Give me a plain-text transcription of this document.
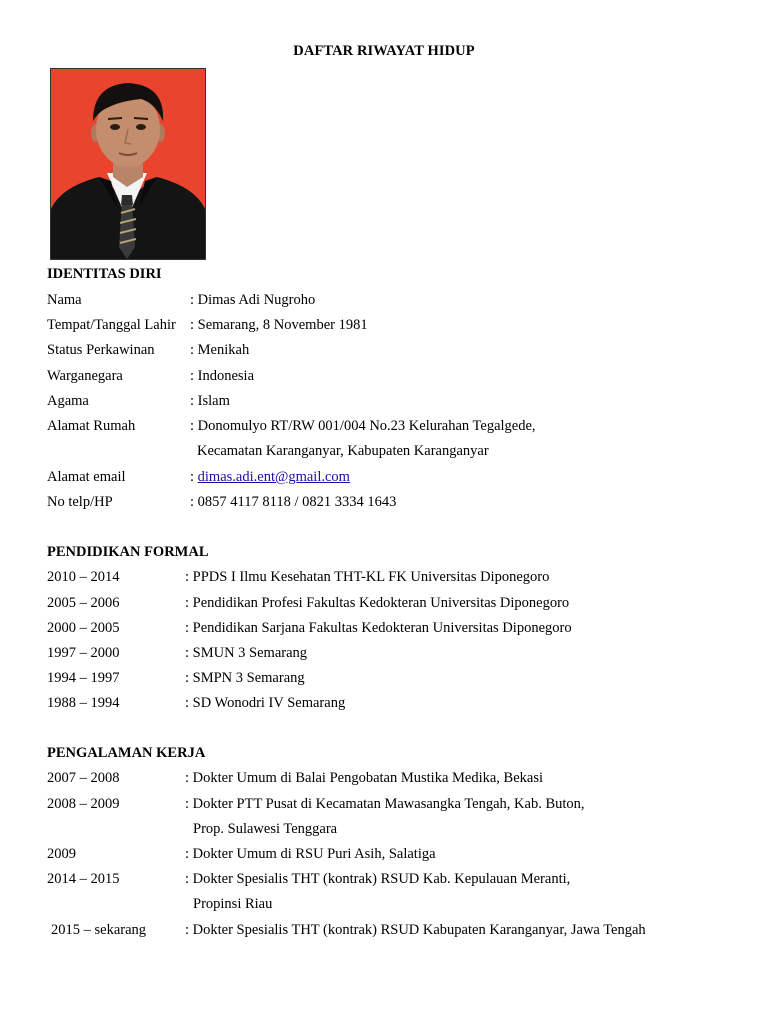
DAFTAR RIWAYAT HIDUP
IDENTITAS DIRI
Nama	: Dimas Adi Nugroho
Tempat/Tanggal Lahir : Semarang, 8 November 1981
Status Perkawinan : Menikah
Warganegara	: Indonesia
Agama	: Islam
Alamat Rumah	: Donomulyo RT/RW 001/004 No.23 Kelurahan Tegalgede,
Kecamatan Karanganyar, Kabupaten Karanganyar
Alamat email	: dimas.adi.ent@gmail.com
No telp/HP	: 0857 4117 8118 / 0821 3334 1643
PENDIDIKAN FORMAL
2010 – 2014	: PPDS I Ilmu Kesehatan THT-KL FK Universitas Diponegoro
2005 – 2006	: Pendidikan Profesi Fakultas Kedokteran Universitas Diponegoro
2000 – 2005	: Pendidikan Sarjana Fakultas Kedokteran Universitas Diponegoro
1997 – 2000	: SMUN 3 Semarang
1994 – 1997	: SMPN 3 Semarang
1988 – 1994	: SD Wonodri IV Semarang
PENGALAMAN KERJA
2007 – 2008	: Dokter Umum di Balai Pengobatan Mustika Medika, Bekasi
2008 – 2009	: Dokter PTT Pusat di Kecamatan Mawasangka Tengah, Kab. Buton,
Prop. Sulawesi Tenggara
2009	: Dokter Umum di RSU Puri Asih, Salatiga
2014 – 2015	: Dokter Spesialis THT (kontrak) RSUD Kab. Kepulauan Meranti,
Propinsi Riau
2015 – sekarang	: Dokter Spesialis THT (kontrak) RSUD Kabupaten Karanganyar, Jawa Tengah
